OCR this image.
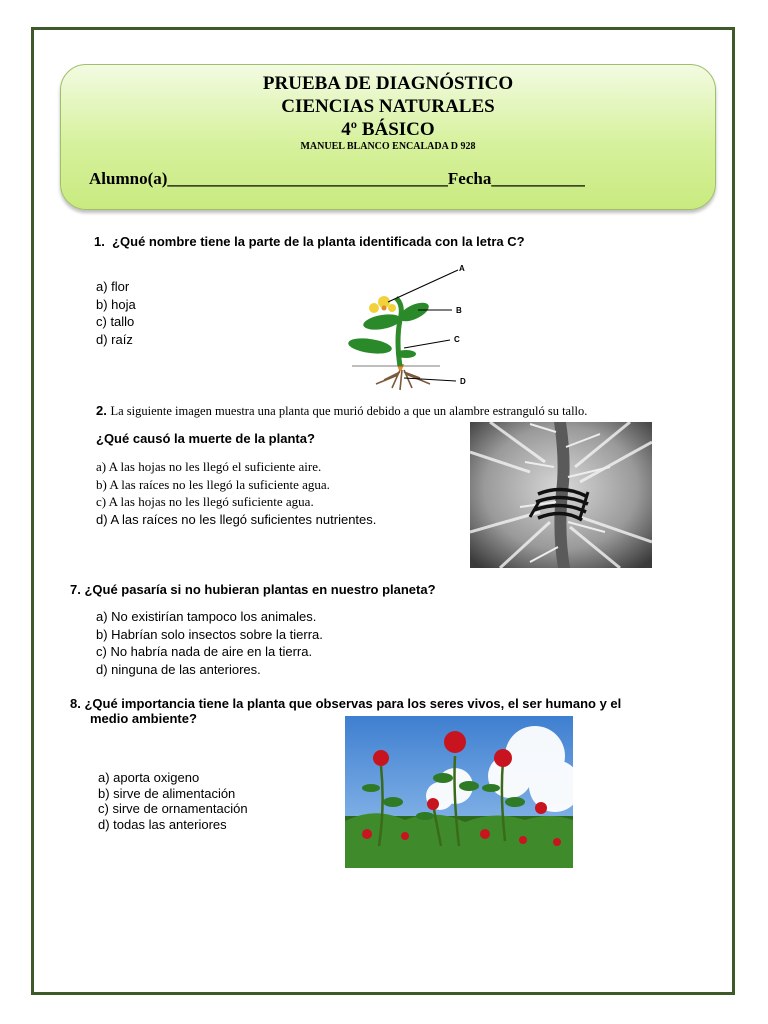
PRUEBA DE DIAGNÓSTICO
CIENCIAS NATURALES
4º BÁSICO
MANUEL BLANCO ENCALADA D 928
Alumno(a)_________________________________Fecha___________
1. ¿Qué nombre tiene la parte de la planta identificada con la letra C?
a) flor
b) hoja
c) tallo
d) raíz
A
B
C
D
2. La siguiente imagen muestra una planta que murió debido a que un alambre estranguló su tallo.
¿Qué causó la muerte de la planta?
a) A las hojas no les llegó el suficiente aire.
b) A las raíces no les llegó la suficiente agua.
c) A las hojas no les llegó suficiente agua.
d) A las raíces no les llegó suficientes nutrientes.
7. ¿Qué pasaría si no hubieran plantas en nuestro planeta?
a) No existirían tampoco los animales.
b) Habrían solo insectos sobre la tierra.
c) No habría nada de aire en la tierra.
d) ninguna de las anteriores.
8. ¿Qué importancia tiene la planta que observas para los seres vivos, el ser humano y el
medio ambiente?
a) aporta oxigeno
b) sirve de alimentación
c) sirve de ornamentación
d) todas las anteriores
